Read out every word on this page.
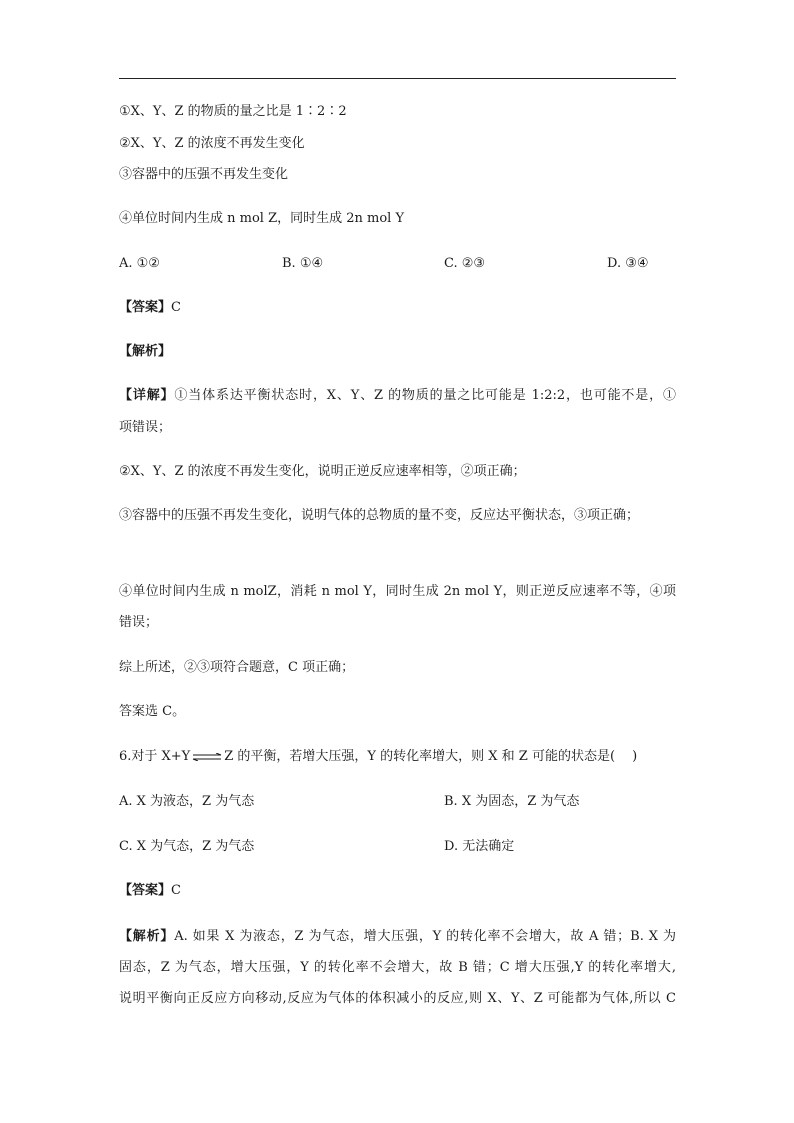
①X、Y、Z 的物质的量之比是 1∶2∶2
②X、Y、Z 的浓度不再发生变化
③容器中的压强不再发生变化
④单位时间内生成 n mol Z，同时生成 2n mol Y
A. ①②	B. ①④	C. ②③	D. ③④
【答案】C
【解析】
【详解】①当体系达平衡状态时，X、Y、Z 的物质的量之比可能是 1:2:2，也可能不是，①
项错误；
②X、Y、Z 的浓度不再发生变化，说明正逆反应速率相等，②项正确；
③容器中的压强不再发生变化，说明气体的总物质的量不变，反应达平衡状态，③项正确；
④单位时间内生成 n molZ，消耗 n mol Y，同时生成 2n mol Y，则正逆反应速率不等，④项
错误；
综上所述，②③项符合题意，C 项正确；
答案选 C。
6.对于 X+Y ⇌ Z 的平衡，若增大压强，Y 的转化率增大，则 X 和 Z 可能的状态是(　 )
A. X 为液态，Z 为气态	B. X 为固态，Z 为气态
C. X 为气态，Z 为气态	D. 无法确定
【答案】C
【解析】A. 如果 X 为液态，Z 为气态，增大压强，Y 的转化率不会增大，故 A 错；B. X 为
固态，Z 为气态，增大压强，Y 的转化率不会增大，故 B 错；C 增大压强,Y 的转化率增大,
说明平衡向正反应方向移动,反应为气体的体积减小的反应,则 X、Y、Z 可能都为气体,所以 C
